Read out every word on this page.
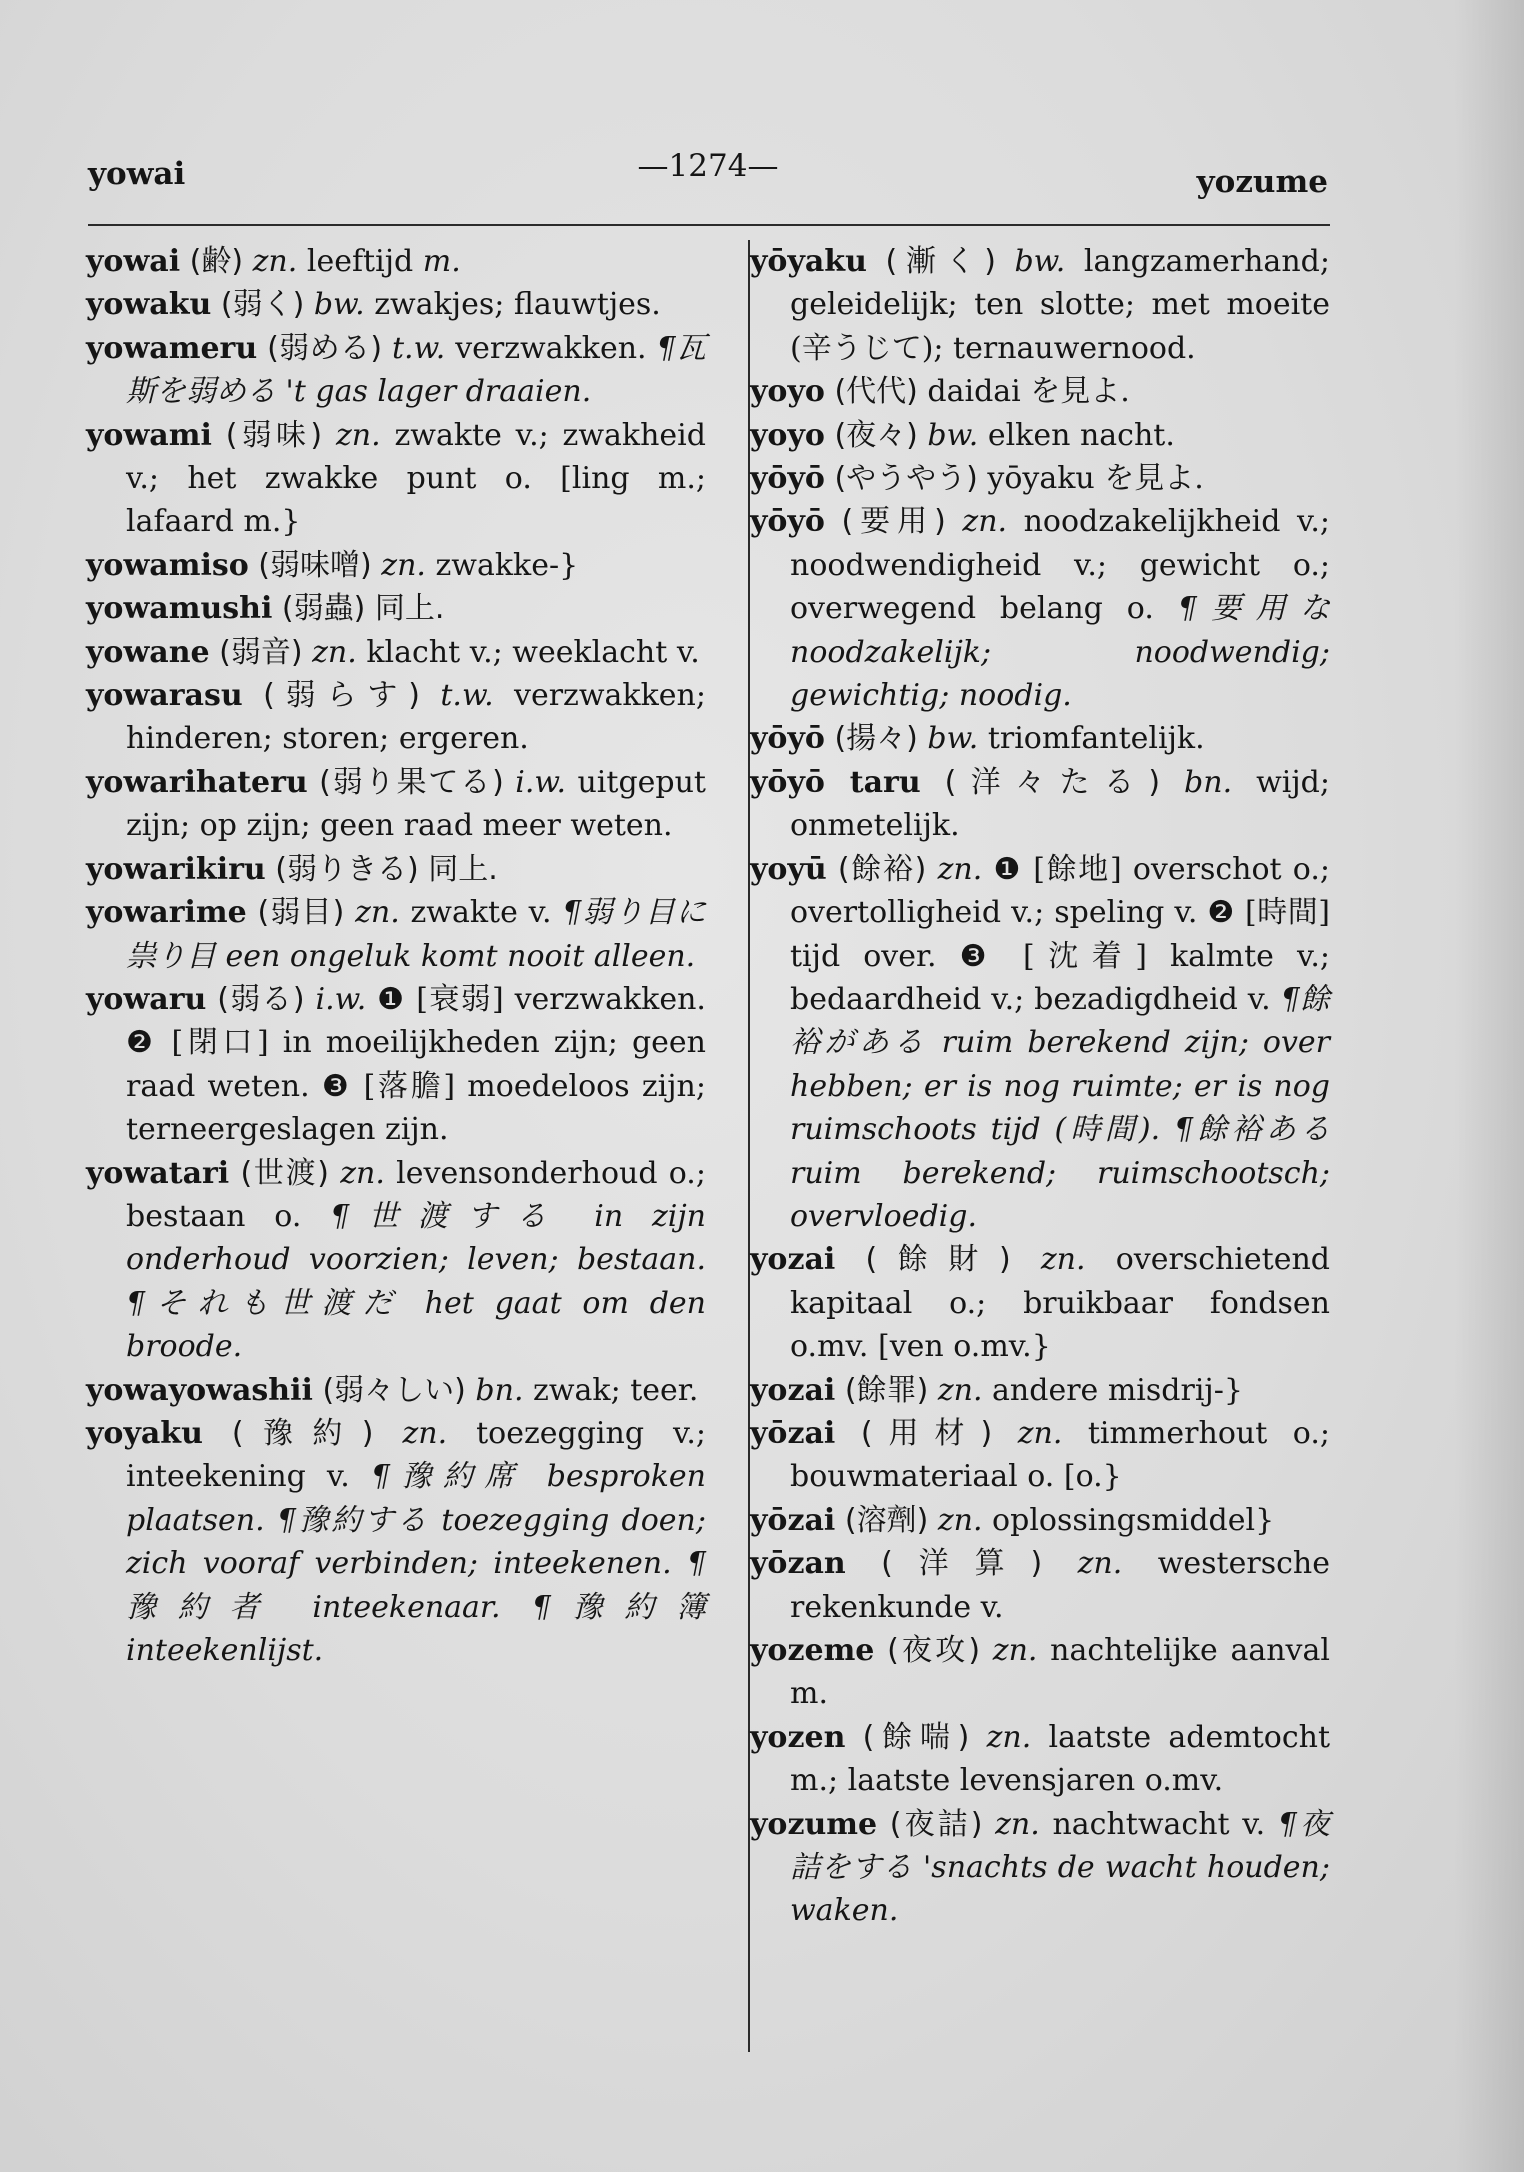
yowai	—1274—	yozume

yowai (齢) zn. leeftijd m.

yowaku (弱く) bw. zwakjes; flauwtjes.

yowameru (弱める) t.w. verzwakken. ¶瓦斯を弱める 't gas lager draaien.

yowami (弱味) zn. zwakte v.; zwakheid v.; het zwakke punt o. [ling m.; lafaard m.}

yowamiso (弱味噌) zn. zwakke-}

yowamushi (弱蟲) 同上.

yowane (弱音) zn. klacht v.; weeklacht v.

yowarasu (弱らす) t.w. verzwakken; hinderen; storen; ergeren.

yowarihateru (弱り果てる) i.w. uitgeput zijn; op zijn; geen raad meer weten.

yowarikiru (弱りきる) 同上.

yowarime (弱目) zn. zwakte v. ¶弱り目に祟り目 een ongeluk komt nooit alleen.

yowaru (弱る) i.w. ❶ [衰弱] verzwakken. ❷ [閉口] in moeilijkheden zijn; geen raad weten. ❸ [落膽] moedeloos zijn; terneergeslagen zijn.

yowatari (世渡) zn. levensonderhoud o.; bestaan o. ¶世渡する in zijn onderhoud voorzien; leven; bestaan. ¶それも世渡だ het gaat om den broode.

yowayowashii (弱々しい) bn. zwak; teer.

yoyaku (豫約) zn. toezegging v.; inteekening v. ¶豫約席 besproken plaatsen. ¶豫約する toezegging doen; zich vooraf verbinden; inteekenen. ¶豫約者 inteekenaar. ¶豫約簿 inteekenlijst.

yōyaku (漸く) bw. langzamerhand; geleidelijk; ten slotte; met moeite (辛うじて); ternauwernood.

yoyo (代代) daidai を見よ.

yoyo (夜々) bw. elken nacht.

yōyō (やうやう) yōyaku を見よ.

yōyō (要用) zn. noodzakelijkheid v.; noodwendigheid v.; gewicht o.; overwegend belang o. ¶要用な noodzakelijk; noodwendig; gewichtig; noodig.

yōyō (揚々) bw. triomfantelijk.

yōyō taru (洋々たる) bn. wijd; onmetelijk.

yoyū (餘裕) zn. ❶ [餘地] overschot o.; overtolligheid v.; speling v. ❷ [時間] tijd over. ❸ [沈着] kalmte v.; bedaardheid v.; bezadigdheid v. ¶餘裕がある ruim berekend zijn; over hebben; er is nog ruimte; er is nog ruimschoots tijd (時間). ¶餘裕ある ruim berekend; ruimschootsch; overvloedig.

yozai (餘財) zn. overschietend kapitaal o.; bruikbaar fondsen o.mv. [ven o.mv.}

yozai (餘罪) zn. andere misdrij-}

yōzai (用材) zn. timmerhout o.; bouwmateriaal o. [o.}

yōzai (溶劑) zn. oplossingsmiddel}

yōzan (洋算) zn. westersche rekenkunde v.

yozeme (夜攻) zn. nachtelijke aanval m.

yozen (餘喘) zn. laatste ademtocht m.; laatste levensjaren o.mv.

yozume (夜詰) zn. nachtwacht v. ¶夜詰をする 'snachts de wacht houden; waken.
